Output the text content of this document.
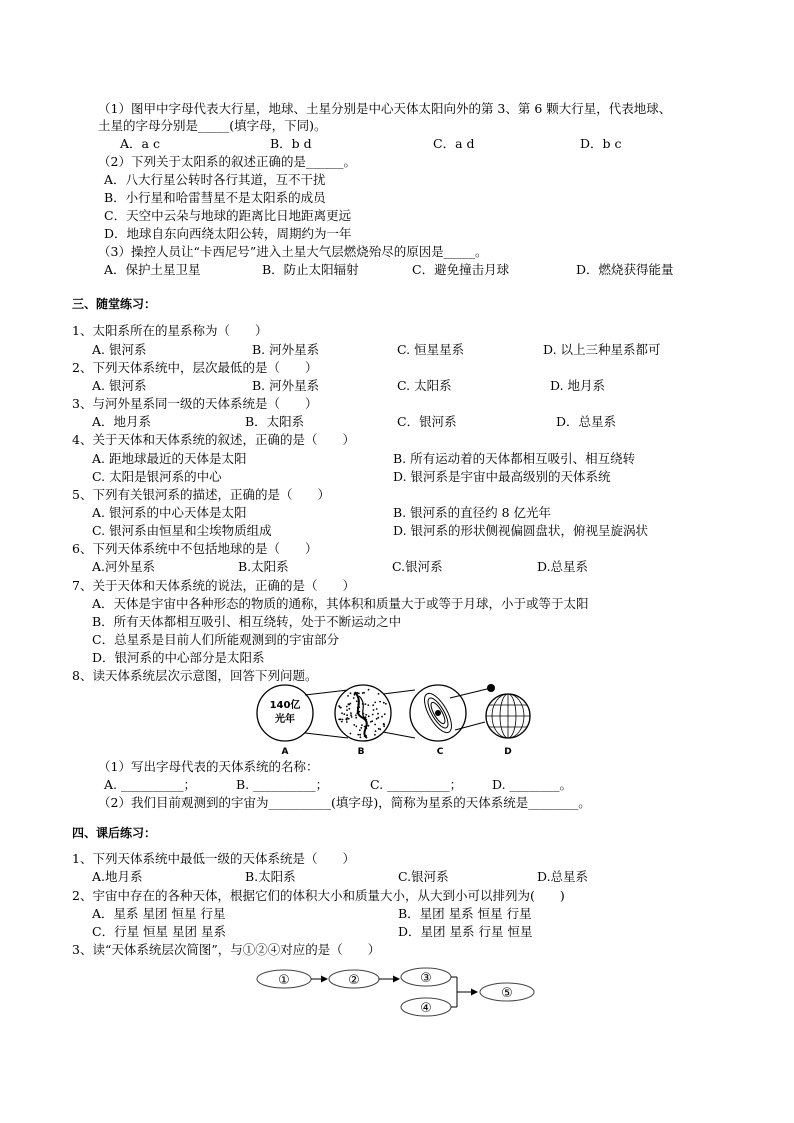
（1）图甲中字母代表大行星，地球、土星分别是中心天体太阳向外的第 3、第 6 颗大行星，代表地球、
土星的字母分别是_____(填字母，下同)。
A．a c	B．b d	C．a d	D．b c
（2）下列关于太阳系的叙述正确的是______。
A．八大行星公转时各行其道，互不干扰
B．小行星和哈雷彗星不是太阳系的成员
C．天空中云朵与地球的距离比日地距离更远
D．地球自东向西绕太阳公转，周期约为一年
（3）操控人员让“卡西尼号”进入土星大气层燃烧殆尽的原因是_____。
A．保护土星卫星	B．防止太阳辐射	C．避免撞击月球	D．燃烧获得能量
三、随堂练习：
1、太阳系所在的星系称为（　　）
A. 银河系	B. 河外星系	C. 恒星星系	D. 以上三种星系都可
2、下列天体系统中，层次最低的是（　　）
A. 银河系	B. 河外星系	C. 太阳系	D. 地月系
3、与河外星系同一级的天体系统是（　　）
A．地月系	B．太阳系	C．银河系	D．总星系
4、关于天体和天体系统的叙述，正确的是（　　）
A. 距地球最近的天体是太阳	B. 所有运动着的天体都相互吸引、相互绕转
C. 太阳是银河系的中心	D. 银河系是宇宙中最高级别的天体系统
5、下列有关银河系的描述，正确的是（　　）
A. 银河系的中心天体是太阳	B. 银河系的直径约 8 亿光年
C. 银河系由恒星和尘埃物质组成	D. 银河系的形状侧视偏圆盘状，俯视呈旋涡状
6、下列天体系统中不包括地球的是（　　）
A.河外星系	B.太阳系	C.银河系	D.总星系
7、关于天体和天体系统的说法，正确的是（　　）
A．天体是宇宙中各种形态的物质的通称，其体积和质量大于或等于月球，小于或等于太阳
B．所有天体都相互吸引、相互绕转，处于不断运动之中
C．总星系是目前人们所能观测到的宇宙部分
D．银河系的中心部分是太阳系
8、读天体系统层次示意图，回答下列问题。
140亿
光年
A	B	C	D
（1）写出字母代表的天体系统的名称：
A. __________；	B. __________；	C. __________； D. ________。
（2）我们目前观测到的宇宙为__________(填字母)，简称为星系的天体系统是________。
四、课后练习：
1、下列天体系统中最低一级的天体系统是（　　）
A.地月系	B.太阳系	C.银河系	D.总星系
2、宇宙中存在的各种天体，根据它们的体积大小和质量大小，从大到小可以排列为(　　)
A．星系 星团 恒星 行星	B．星团 星系 恒星 行星
C．行星 恒星 星团 星系	D．星团 星系 行星 恒星
3、读“天体系统层次简图”，与①②④对应的是（　　）
①	②	③
④
⑤
